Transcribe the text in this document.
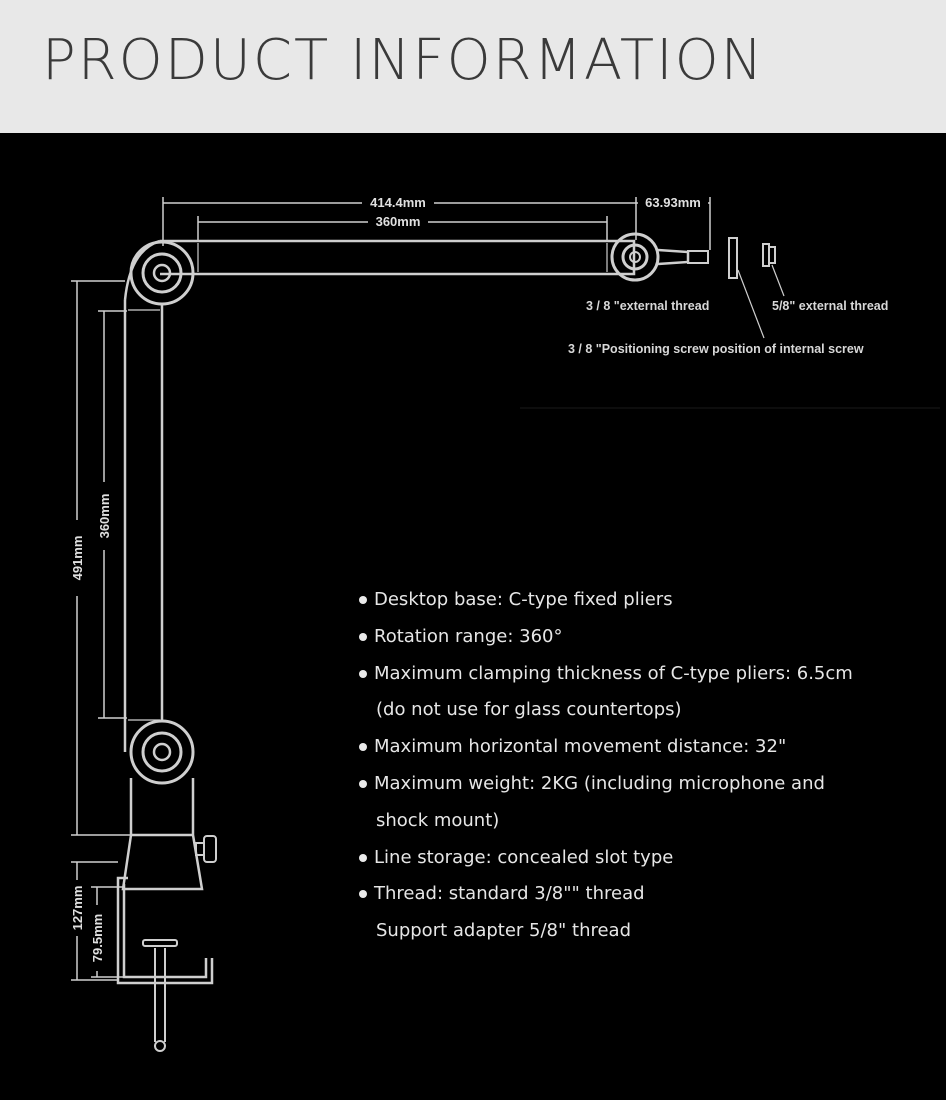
PRODUCT INFORMATION
414.4mm
360mm
63.93mm
491mm
360mm
127mm
79.5mm
3 / 8 "external thread	5/8" external thread
3 / 8 "Positioning screw position of internal screw
Desktop base: C-type fixed pliers
Rotation range: 360°
Maximum clamping thickness of C-type pliers: 6.5cm
(do not use for glass countertops)
Maximum horizontal movement distance: 32"
Maximum weight: 2KG (including microphone and
shock mount)
Line storage: concealed slot type
Thread: standard 3/8"" thread
Support adapter 5/8" thread
